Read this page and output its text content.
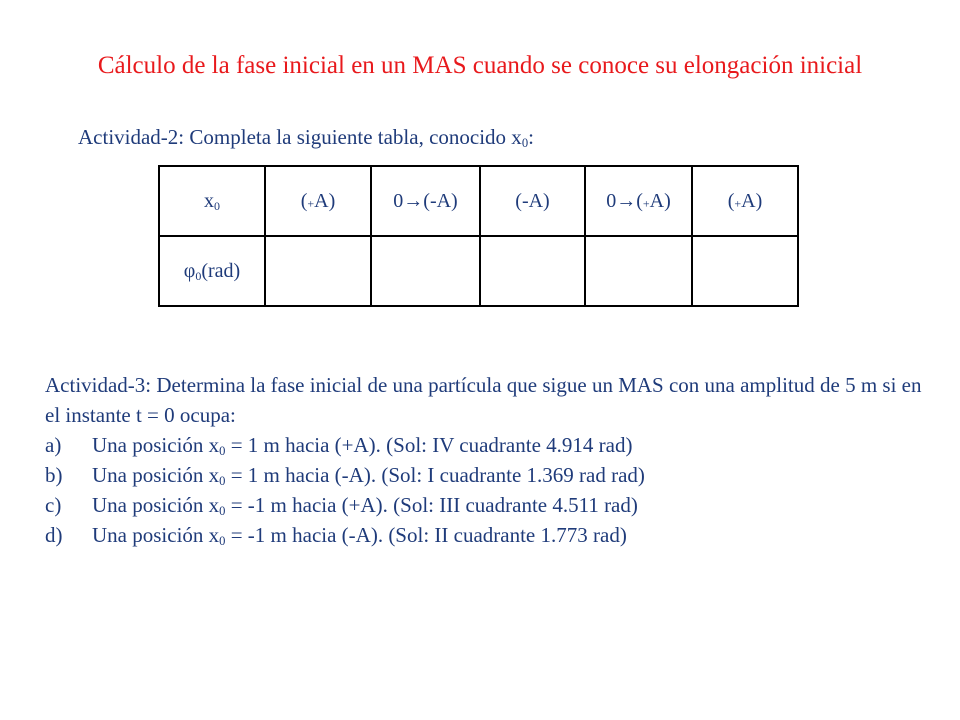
Cálculo de la fase inicial en un MAS cuando se conoce su elongación inicial

Actividad-2: Completa la siguiente tabla, conocido $x_0$:

$x_0$	(+A)	0→(-A)	(-A)	0→(+A)	(+A)
$\varphi_0(rad)$					

Actividad-3: Determina la fase inicial de una partícula que sigue un MAS con una amplitud de 5 m si en el instante t = 0 ocupa:

a) Una posición $x_0 = 1$ m hacia (+A). (Sol: IV cuadrante 4.914 rad)
b) Una posición $x_0 = 1$ m hacia (-A). (Sol: I cuadrante 1.369 rad rad)
c) Una posición $x_0 = -1$ m hacia (+A). (Sol: III cuadrante 4.511 rad)
d) Una posición $x_0 = -1$ m hacia (-A). (Sol: II cuadrante 1.773 rad)
